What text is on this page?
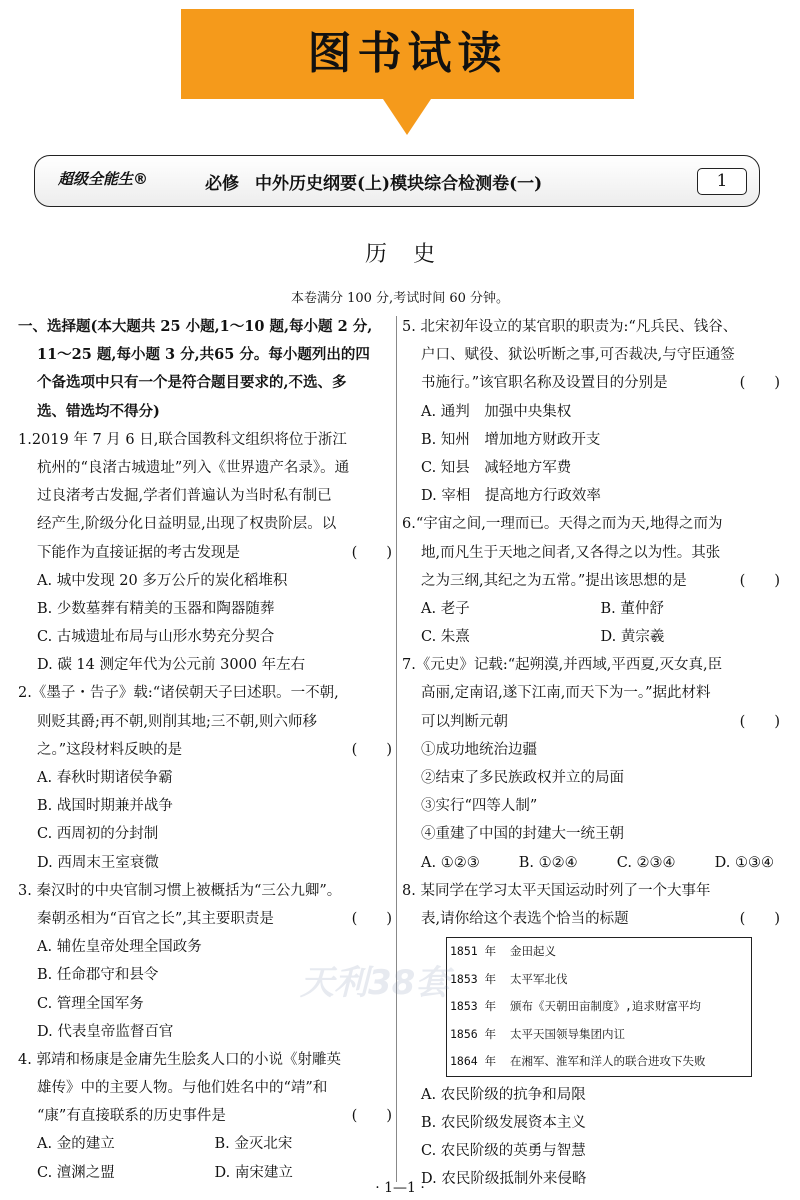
图书试读
超级全能生®	必修 中外历史纲要(上)模块综合检测卷(一)	1
历史
本卷满分 100 分,考试时间 60 分钟。
一、选择题(本大题共 25 小题,1～10 题,每小题 2 分,
11～25 题,每小题 3 分,共65 分。每小题列出的四
个备选项中只有一个是符合题目要求的,不选、多
选、错选均不得分)
1.2019 年 7 月 6 日,联合国教科文组织将位于浙江
杭州的“良渚古城遗址”列入《世界遗产名录》。通
过良渚考古发掘,学者们普遍认为当时私有制已
经产生,阶级分化日益明显,出现了权贵阶层。以
下能作为直接证据的考古发现是	(　　)
A. 城中发现 20 多万公斤的炭化稻堆积
B. 少数墓葬有精美的玉器和陶器随葬
C. 古城遗址布局与山形水势充分契合
D. 碳 14 测定年代为公元前 3000 年左右
2.《墨子・告子》载:“诸侯朝天子曰述职。一不朝,
则贬其爵;再不朝,则削其地;三不朝,则六师移
之。”这段材料反映的是	(　　)
A. 春秋时期诸侯争霸
B. 战国时期兼并战争
C. 西周初的分封制
D. 西周末王室衰微
3. 秦汉时的中央官制习惯上被概括为“三公九卿”。
秦朝丞相为“百官之长”,其主要职责是	(　　)
A. 辅佐皇帝处理全国政务
B. 任命郡守和县令
C. 管理全国军务
D. 代表皇帝监督百官
4. 郭靖和杨康是金庸先生脍炙人口的小说《射雕英
雄传》中的主要人物。与他们姓名中的“靖”和
“康”有直接联系的历史事件是	(　　)
A. 金的建立	B. 金灭北宋
C. 澶渊之盟	D. 南宋建立
5. 北宋初年设立的某官职的职责为:“凡兵民、钱谷、
户口、赋役、狱讼听断之事,可否裁决,与守臣通签
书施行。”该官职名称及设置目的分别是	(　　)
A. 通判　加强中央集权
B. 知州　增加地方财政开支
C. 知县　减轻地方军费
D. 宰相　提高地方行政效率
6.“宇宙之间,一理而已。天得之而为天,地得之而为
地,而凡生于天地之间者,又各得之以为性。其张
之为三纲,其纪之为五常。”提出该思想的是	(　　)
A. 老子	B. 董仲舒
C. 朱熹	D. 黄宗羲
7.《元史》记载:“起朔漠,并西域,平西夏,灭女真,臣
高丽,定南诏,遂下江南,而天下为一。”据此材料
可以判断元朝	(　　)
①成功地统治边疆
②结束了多民族政权并立的局面
③实行“四等人制”
④重建了中国的封建大一统王朝
A. ①②③	B. ①②④	C. ②③④	D. ①③④
8. 某同学在学习太平天国运动时列了一个大事年
表,请你给这个表选个恰当的标题	(　　)
1851 年 金田起义
1853 年 太平军北伐
1853 年 颁布《天朝田亩制度》,追求财富平均
1856 年 太平天国领导集团内讧
1864 年 在湘军、淮军和洋人的联合进攻下失败
A. 农民阶级的抗争和局限
B. 农民阶级发展资本主义
C. 农民阶级的英勇与智慧
D. 农民阶级抵制外来侵略
天利38套
· 1—1 ·
